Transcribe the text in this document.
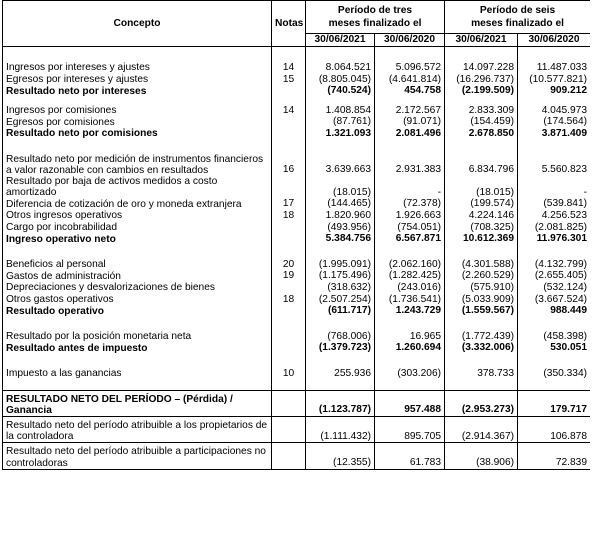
Concepto	Notas	Período de tres meses finalizado el		Período de seis meses finalizado el	
		30/06/2021	30/06/2020	30/06/2021	30/06/2020

Ingresos por intereses y ajustes	14	8.064.521	5.096.572	14.097.228	11.487.033
Egresos por intereses y ajustes	15	(8.805.045)	(4.641.814)	(16.296.737)	(10.577.821)
Resultado neto por intereses		(740.524)	454.758	(2.199.509)	909.212

Ingresos por comisiones	14	1.408.854	2.172.567	2.833.309	4.045.973
Egresos por comisiones		(87.761)	(91.071)	(154.459)	(174.564)
Resultado neto por comisiones		1.321.093	2.081.496	2.678.850	3.871.409

Resultado neto por medición de instrumentos financieros a valor razonable con cambios en resultados	16	3.639.663	2.931.383	6.834.796	5.560.823
Resultado por baja de activos medidos a costo amortizado		(18.015)	-	(18.015)	-
Diferencia de cotización de oro y moneda extranjera	17	(144.465)	(72.378)	(199.574)	(539.841)
Otros ingresos operativos	18	1.820.960	1.926.663	4.224.146	4.256.523
Cargo por incobrabilidad		(493.956)	(754.051)	(708.325)	(2.081.825)
Ingreso operativo neto		5.384.756	6.567.871	10.612.369	11.976.301

Beneficios al personal	20	(1.995.091)	(2.062.160)	(4.301.588)	(4.132.799)
Gastos de administración	19	(1.175.496)	(1.282.425)	(2.260.529)	(2.655.405)
Depreciaciones y desvalorizaciones de bienes		(318.632)	(243.016)	(575.910)	(532.124)
Otros gastos operativos	18	(2.507.254)	(1.736.541)	(5.033.909)	(3.667.524)
Resultado operativo		(611.717)	1.243.729	(1.559.567)	988.449

Resultado por la posición monetaria neta		(768.006)	16.965	(1.772.439)	(458.398)
Resultado antes de impuesto		(1.379.723)	1.260.694	(3.332.006)	530.051

Impuesto a las ganancias	10	255.936	(303.206)	378.733	(350.334)

RESULTADO NETO DEL PERÍODO – (Pérdida) / Ganancia		(1.123.787)	957.488	(2.953.273)	179.717
Resultado neto del período atribuible a los propietarios de la controladora		(1.111.432)	895.705	(2.914.367)	106.878
Resultado neto del período atribuible a participaciones no controladoras		(12.355)	61.783	(38.906)	72.839
